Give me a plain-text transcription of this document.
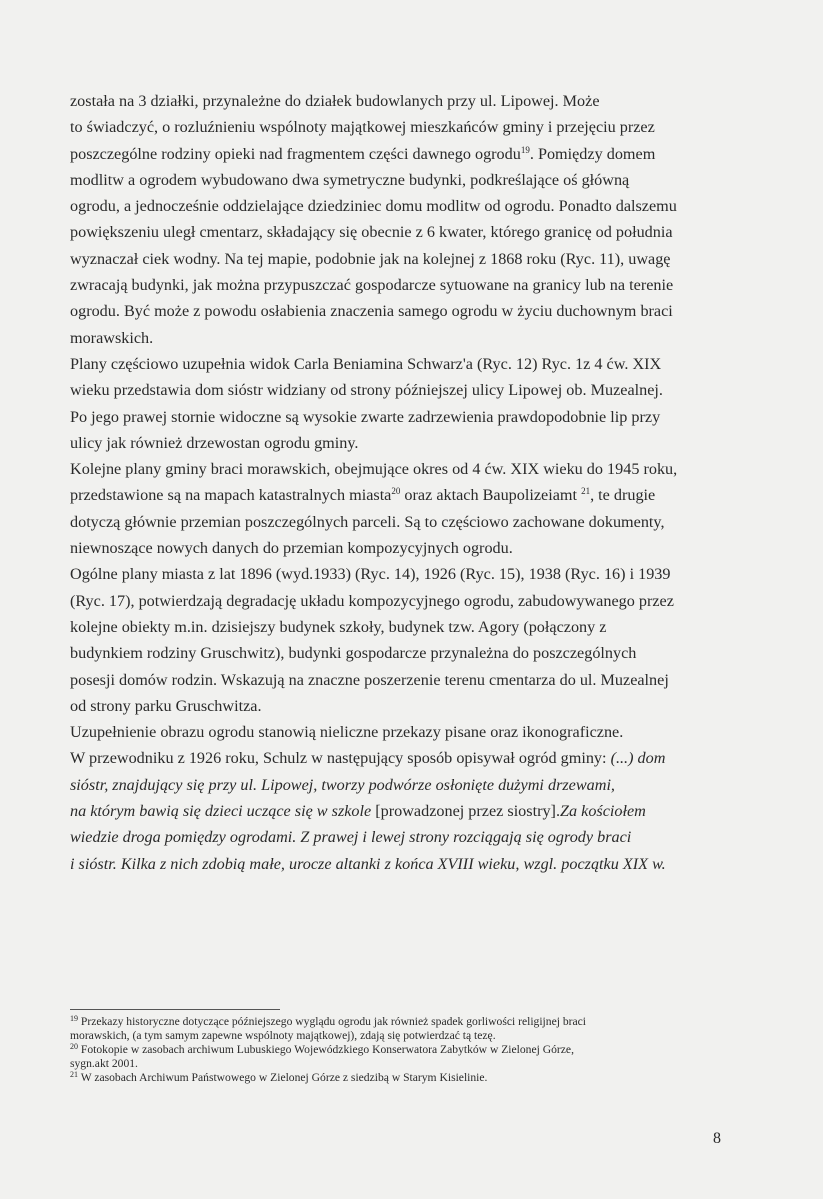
została na 3 działki, przynależne do działek budowlanych przy ul. Lipowej. Może
to świadczyć, o rozluźnieniu wspólnoty majątkowej mieszkańców gminy i przejęciu przez
poszczególne rodziny opieki nad fragmentem części dawnego ogrodu$^{19}$. Pomiędzy domem
modlitw a ogrodem wybudowano dwa symetryczne budynki, podkreślające oś główną
ogrodu, a jednocześnie oddzielające dziedziniec domu modlitw od ogrodu. Ponadto dalszemu
powiększeniu uległ cmentarz, składający się obecnie z 6 kwater, którego granicę od południa
wyznaczał ciek wodny. Na tej mapie, podobnie jak na kolejnej z 1868 roku (Ryc. 11), uwagę
zwracają budynki, jak można przypuszczać gospodarcze sytuowane na granicy lub na terenie
ogrodu. Być może z powodu osłabienia znaczenia samego ogrodu w życiu duchownym braci
morawskich.
Plany częściowo uzupełnia widok Carla Beniamina Schwarz'a (Ryc. 12) Ryc. 1z 4 ćw. XIX
wieku przedstawia dom sióstr widziany od strony późniejszej ulicy Lipowej ob. Muzealnej.
Po jego prawej stornie widoczne są wysokie zwarte zadrzewienia prawdopodobnie lip przy
ulicy jak również drzewostan ogrodu gminy.
Kolejne plany gminy braci morawskich, obejmujące okres od 4 ćw. XIX wieku do 1945 roku,
przedstawione są na mapach katastralnych miasta$^{20}$ oraz aktach Baupolizeiamt $^{21}$, te drugie
dotyczą głównie przemian poszczególnych parceli. Są to częściowo zachowane dokumenty,
niewnoszące nowych danych do przemian kompozycyjnych ogrodu.
Ogólne plany miasta z lat 1896 (wyd.1933) (Ryc. 14), 1926 (Ryc. 15), 1938 (Ryc. 16) i 1939
(Ryc. 17), potwierdzają degradację układu kompozycyjnego ogrodu, zabudowywanego przez
kolejne obiekty m.in. dzisiejszy budynek szkoły, budynek tzw. Agory (połączony z
budynkiem rodziny Gruschwitz), budynki gospodarcze przynależna do poszczególnych
posesji domów rodzin. Wskazują na znaczne poszerzenie terenu cmentarza do ul. Muzealnej
od strony parku Gruschwitza.
Uzupełnienie obrazu ogrodu stanowią nieliczne przekazy pisane oraz ikonograficzne.
W przewodniku z 1926 roku, Schulz w następujący sposób opisywał ogród gminy: (...) dom
sióstr, znajdujący się przy ul. Lipowej, tworzy podwórze osłonięte dużymi drzewami,
na którym bawią się dzieci uczące się w szkole [prowadzonej przez siostry].Za kościołem
wiedzie droga pomiędzy ogrodami. Z prawej i lewej strony rozciągają się ogrody braci
i sióstr. Kilka z nich zdobią małe, urocze altanki z końca XVIII wieku, wzgl. początku XIX w.
$^{19}$ Przekazy historyczne dotyczące późniejszego wyglądu ogrodu jak również spadek gorliwości religijnej braci
morawskich, (a tym samym zapewne wspólnoty majątkowej), zdają się potwierdzać tą tezę.
$^{20}$ Fotokopie w zasobach archiwum Lubuskiego Wojewódzkiego Konserwatora Zabytków w Zielonej Górze,
sygn.akt 2001.
$^{21}$ W zasobach Archiwum Państwowego w Zielonej Górze z siedzibą w Starym Kisielinie.
8
